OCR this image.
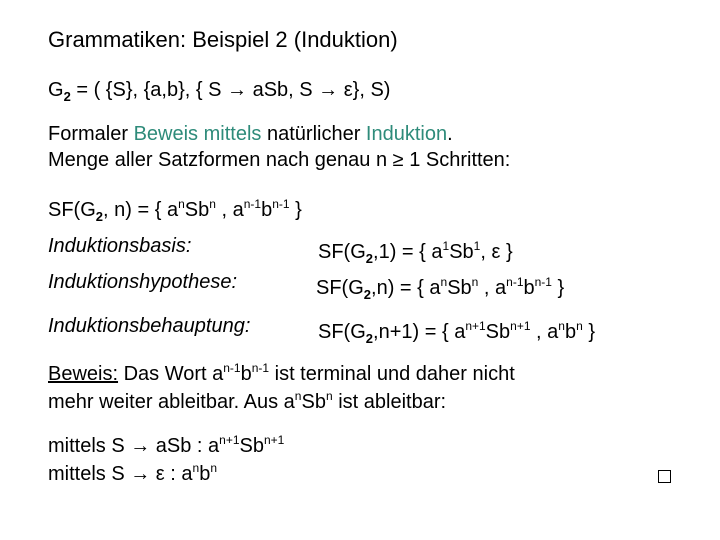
Grammatiken: Beispiel 2 (Induktion)
$G_2$ = ( {S}, {a,b}, { S → aSb, S → ε}, S)
Formaler Beweis mittels natürlicher Induktion.
Menge aller Satzformen nach genau n ≥ 1 Schritten:
$SF(G_2$, n) = { $a^nSb^n$ , $a^{n-1}b^{n-1}$ }
Induktionsbasis:	$SF(G_2,1)$ = { $a^1Sb^1$, ε }
Induktionshypothese:	$SF(G_2,n)$ = { $a^nSb^n$ , $a^{n-1}b^{n-1}$ }
Induktionsbehauptung:	$SF(G_2,n+1)$ = { $a^{n+1}Sb^{n+1}$ , $a^nb^n$ }
Beweis: Das Wort $a^{n-1}b^{n-1}$ ist terminal und daher nicht
mehr weiter ableitbar. Aus $a^nSb^n$ ist ableitbar:
mittels S → aSb : $a^{n+1}Sb^{n+1}$
mittels S → ε : $a^nb^n$
